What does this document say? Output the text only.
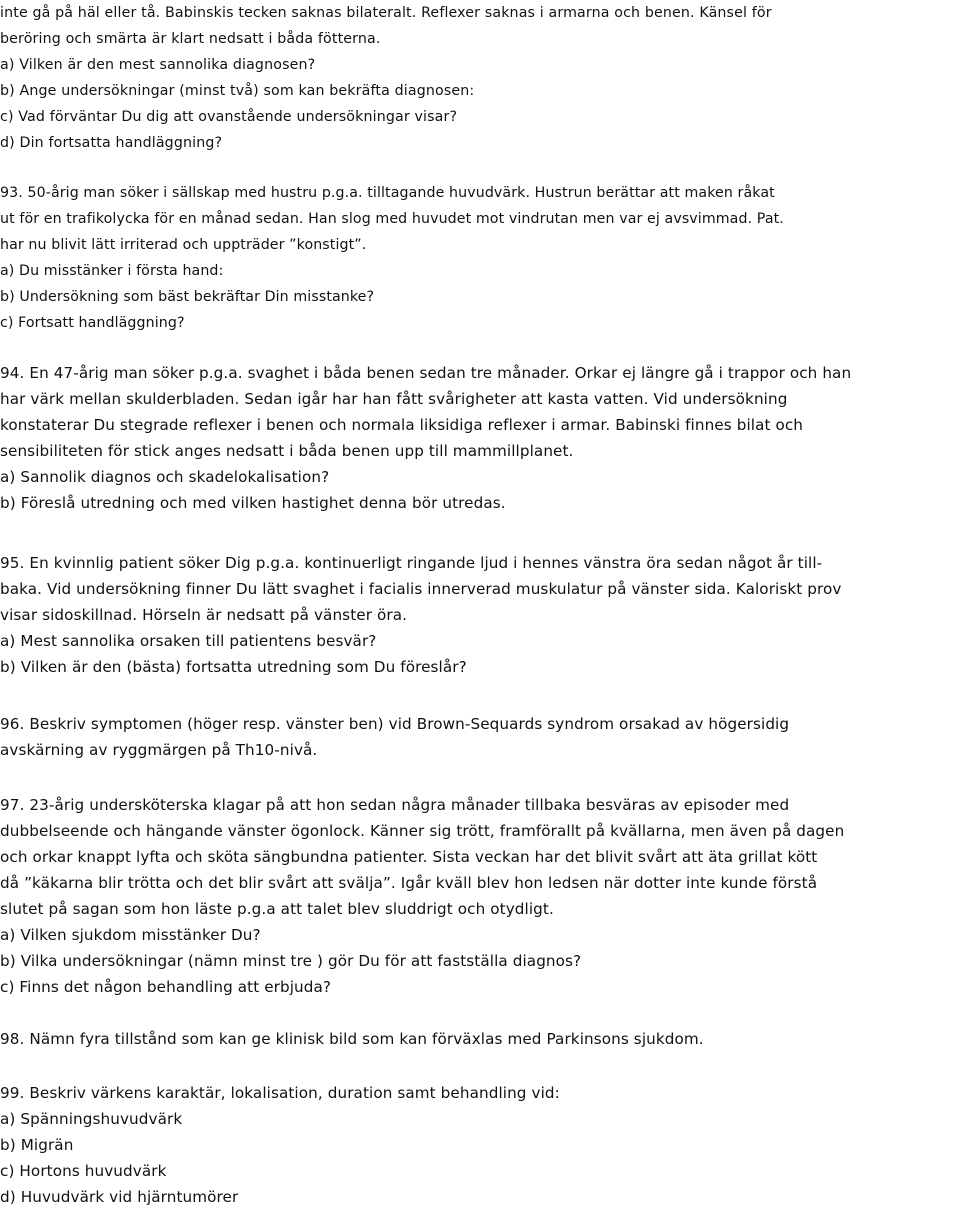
inte gå på häl eller tå. Babinskis tecken saknas bilateralt. Reflexer saknas i armarna och benen. Känsel för
beröring och smärta är klart nedsatt i båda fötterna.
a) Vilken är den mest sannolika diagnosen?
b) Ange undersökningar (minst två) som kan bekräfta diagnosen:
c) Vad förväntar Du dig att ovanstående undersökningar visar?
d) Din fortsatta handläggning?
93. 50-årig man söker i sällskap med hustru p.g.a. tilltagande huvudvärk. Hustrun berättar att maken råkat
ut för en trafikolycka för en månad sedan. Han slog med huvudet mot vindrutan men var ej avsvimmad. Pat.
har nu blivit lätt irriterad och uppträder ”konstigt”.
a) Du misstänker i första hand:
b) Undersökning som bäst bekräftar Din misstanke?
c) Fortsatt handläggning?
94. En 47-årig man söker p.g.a. svaghet i båda benen sedan tre månader. Orkar ej längre gå i trappor och han
har värk mellan skulderbladen. Sedan igår har han fått svårigheter att kasta vatten. Vid undersökning
konstaterar Du stegrade reflexer i benen och normala liksidiga reflexer i armar. Babinski finnes bilat och
sensibiliteten för stick anges nedsatt i båda benen upp till mammillplanet.
a) Sannolik diagnos och skadelokalisation?
b) Föreslå utredning och med vilken hastighet denna bör utredas.
95. En kvinnlig patient söker Dig p.g.a. kontinuerligt ringande ljud i hennes vänstra öra sedan något år till-
baka. Vid undersökning finner Du lätt svaghet i facialis innerverad muskulatur på vänster sida. Kaloriskt prov
visar sidoskillnad. Hörseln är nedsatt på vänster öra.
a) Mest sannolika orsaken till patientens besvär?
b) Vilken är den (bästa) fortsatta utredning som Du föreslår?
96. Beskriv symptomen (höger resp. vänster ben) vid Brown-Sequards syndrom orsakad av högersidig
avskärning av ryggmärgen på Th10-nivå.
97. 23-årig undersköterska klagar på att hon sedan några månader tillbaka besväras av episoder med
dubbelseende och hängande vänster ögonlock. Känner sig trött, framförallt på kvällarna, men även på dagen
och orkar knappt lyfta och sköta sängbundna patienter. Sista veckan har det blivit svårt att äta grillat kött
då ”käkarna blir trötta och det blir svårt att svälja”. Igår kväll blev hon ledsen när dotter inte kunde förstå
slutet på sagan som hon läste p.g.a att talet blev sluddrigt och otydligt.
a) Vilken sjukdom misstänker Du?
b) Vilka undersökningar (nämn minst tre ) gör Du för att fastställa diagnos?
c) Finns det någon behandling att erbjuda?
98. Nämn fyra tillstånd som kan ge klinisk bild som kan förväxlas med Parkinsons sjukdom.
99. Beskriv värkens karaktär, lokalisation, duration samt behandling vid:
a) Spänningshuvudvärk
b) Migrän
c) Hortons huvudvärk
d) Huvudvärk vid hjärntumörer
